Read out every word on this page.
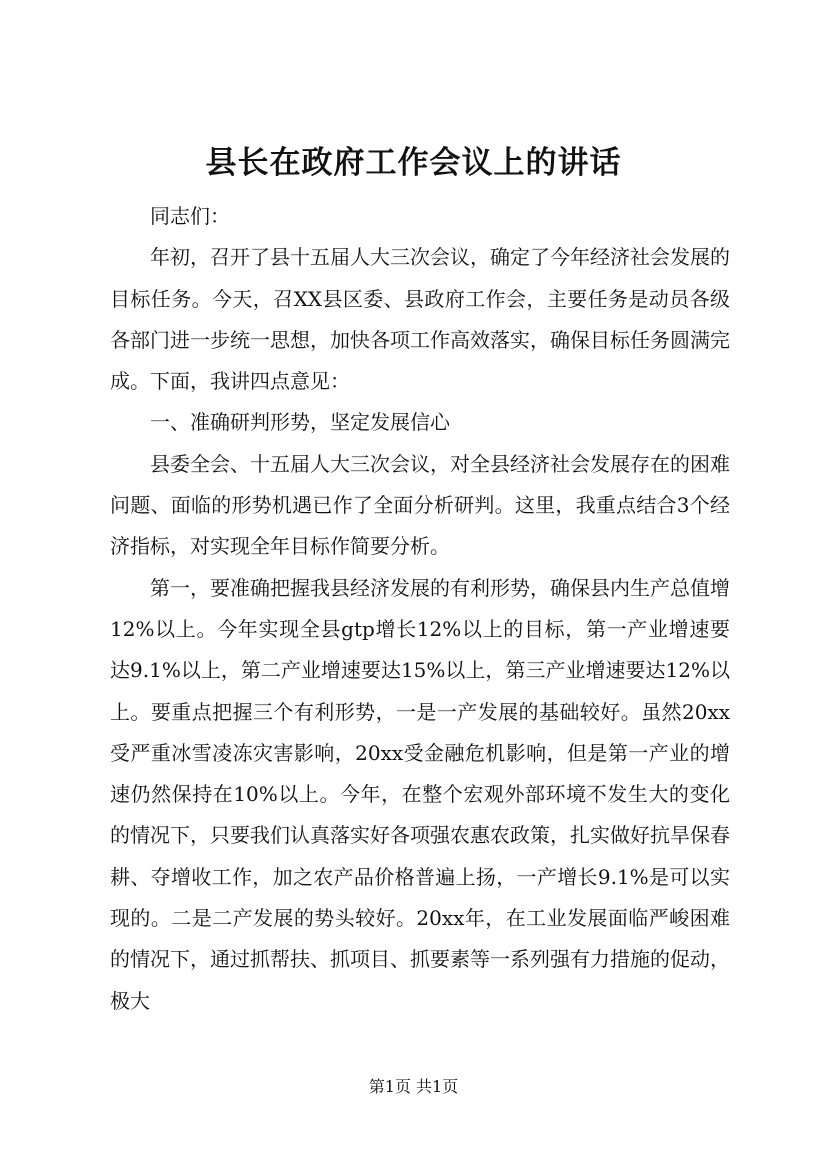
县长在政府工作会议上的讲话

同志们：

年初，召开了县十五届人大三次会议，确定了今年经济社会发展的目标任务。今天，召XX县区委、县政府工作会，主要任务是动员各级各部门进一步统一思想，加快各项工作高效落实，确保目标任务圆满完成。下面，我讲四点意见：

一、准确研判形势，坚定发展信心

县委全会、十五届人大三次会议，对全县经济社会发展存在的困难问题、面临的形势机遇已作了全面分析研判。这里，我重点结合3个经济指标，对实现全年目标作简要分析。

第一，要准确把握我县经济发展的有利形势，确保县内生产总值增12%以上。今年实现全县gtp增长12%以上的目标，第一产业增速要达9.1%以上，第二产业增速要达15%以上，第三产业增速要达12%以上。要重点把握三个有利形势，一是一产发展的基础较好。虽然20xx受严重冰雪凌冻灾害影响，20xx受金融危机影响，但是第一产业的增速仍然保持在10%以上。今年，在整个宏观外部环境不发生大的变化的情况下，只要我们认真落实好各项强农惠农政策，扎实做好抗旱保春耕、夺增收工作，加之农产品价格普遍上扬，一产增长9.1%是可以实现的。二是二产发展的势头较好。20xx年，在工业发展面临严峻困难的情况下，通过抓帮扶、抓项目、抓要素等一系列强有力措施的促动，极大

第1页 共1页
